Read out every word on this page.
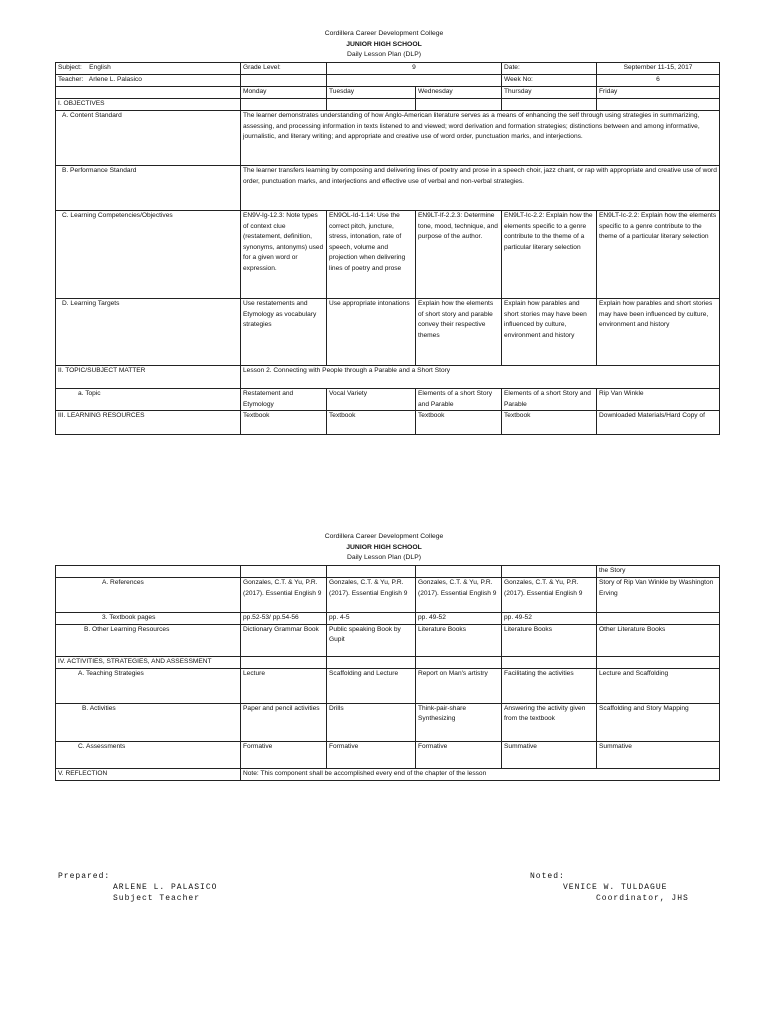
Cordillera Career Development College
JUNIOR HIGH SCHOOL
Daily Lesson Plan (DLP)
Subject: English	Grade Level:	9		Date:	September 11-15, 2017
Teacher: Arlene L. Palasico				Week No:	6
	Monday	Tuesday	Wednesday	Thursday	Friday
I. OBJECTIVES					
A. Content Standard	The learner demonstrates understanding of how Anglo-American literature serves as a means of enhancing the self through using strategies in summarizing, assessing, and processing information in texts listened to and viewed; word derivation and formation strategies; distinctions between and among informative, journalistic, and literary writing; and appropriate and creative use of word order, punctuation marks, and interjections.				
B. Performance Standard	The learner transfers learning by composing and delivering lines of poetry and prose in a speech choir, jazz chant, or rap with appropriate and creative use of word order, punctuation marks, and interjections and effective use of verbal and non-verbal strategies.				
C. Learning Competencies/Objectives	EN9V-Ig-12.3: Note types of context clue (restatement, definition, synonyms, antonyms) used for a given word or expression.	EN9OL-Id-1.14: Use the correct pitch, juncture, stress, intonation, rate of speech, volume and projection when delivering lines of poetry and prose	EN9LT-If-2.2.3: Determine tone, mood, technique, and purpose of the author.	EN9LT-Ic-2.2: Explain how the elements specific to a genre contribute to the theme of a particular literary selection	EN9LT-Ic-2.2: Explain how the elements specific to a genre contribute to the theme of a particular literary selection
D. Learning Targets	Use restatements and Etymology as vocabulary strategies	Use appropriate intonations	Explain how the elements of short story and parable convey their respective themes	Explain how parables and short stories may have been influenced by culture, environment and history	Explain how parables and short stories may have been influenced by culture, environment and history
II. TOPIC/SUBJECT MATTER	Lesson 2. Connecting with People through a Parable and a Short Story				
a. Topic	Restatement and Etymology	Vocal Variety	Elements of a short Story and Parable	Elements of a short Story and Parable	Rip Van Winkle
III. LEARNING RESOURCES	Textbook	Textbook	Textbook	Textbook	Downloaded Materials/Hard Copy of
Cordillera Career Development College
JUNIOR HIGH SCHOOL
Daily Lesson Plan (DLP)
					the Story
A. References	Gonzales, C.T. & Yu, P.R. (2017). Essential English 9	Gonzales, C.T. & Yu, P.R. (2017). Essential English 9	Gonzales, C.T. & Yu, P.R. (2017). Essential English 9	Gonzales, C.T. & Yu, P.R. (2017). Essential English 9	Story of Rip Van Winkle by Washington Erving
3. Textbook pages	pp.52-53/ pp.54-56	pp. 4-5	pp. 49-52	pp. 49-52	
B. Other Learning Resources	Dictionary Grammar Book	Public speaking Book by Gupit	Literature Books	Literature Books	Other Literature Books
IV. ACTIVITIES, STRATEGIES, AND ASSESSMENT					
A. Teaching Strategies	Lecture	Scaffolding and Lecture	Report on Man's artistry	Facilitating the activities	Lecture and Scaffolding
B. Activities	Paper and pencil activities	Drills	Think-pair-share Synthesizing	Answering the activity given from the textbook	Scaffolding and Story Mapping
C. Assessments	Formative	Formative	Formative	Summative	Summative
V. REFLECTION	Note: This component shall be accomplished every end of the chapter of the lesson				
Prepared:
ARLENE L. PALASICO
Subject Teacher
Noted:
VENICE W. TULDAGUE
Coordinator, JHS
